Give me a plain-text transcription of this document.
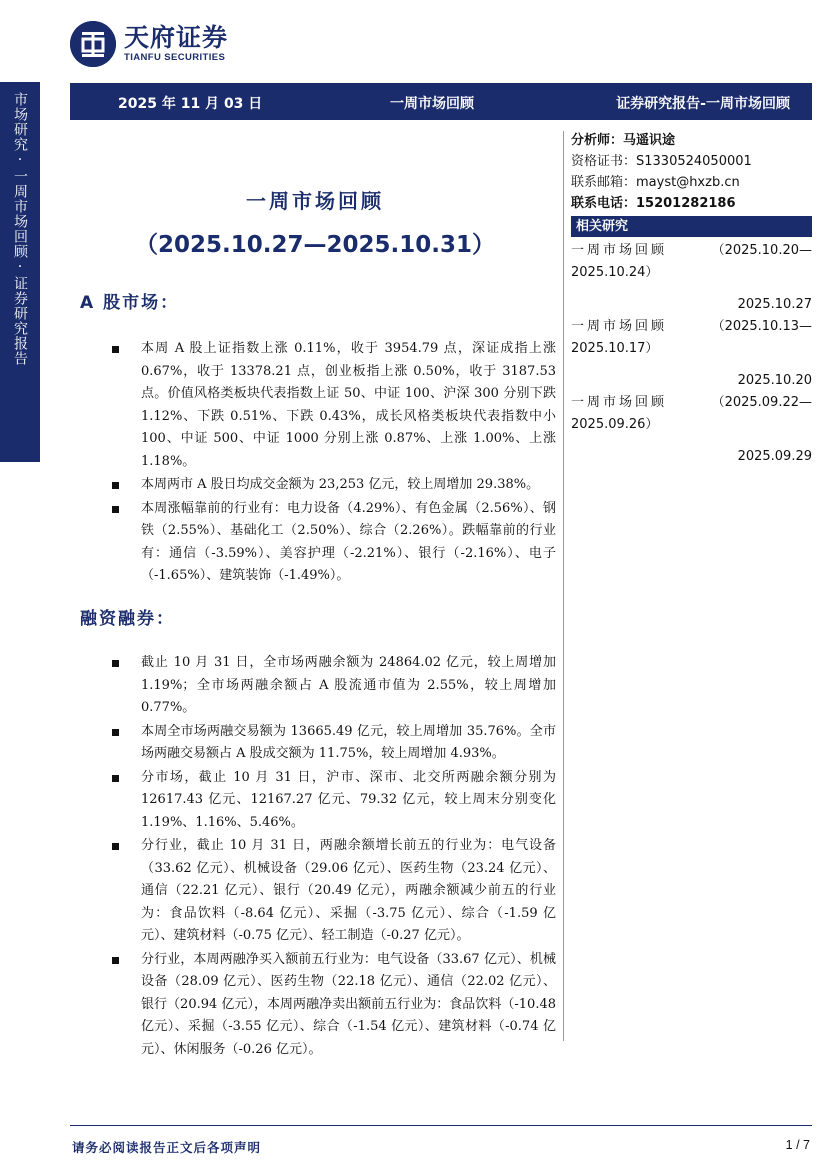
市场研究·一周市场回顾·证券研究报告
天府证券
TIANFU SECURITIES
2025 年 11 月 03 日	一周市场回顾	证券研究报告-一周市场回顾
一周市场回顾
（2025.10.27—2025.10.31）
分析师：马遥识途
资格证书：S1330524050001
联系邮箱：mayst@hxzb.cn
联系电话：15201282186
相关研究
一周市场回顾	（2025.10.20—
2025.10.24）
2025.10.27
一周市场回顾	（2025.10.13—
2025.10.17）
2025.10.20
一周市场回顾	（2025.09.22—
2025.09.26）
2025.09.29
A 股市场：
本周 A 股上证指数上涨 0.11%，收于 3954.79 点，深证成指上涨 0.67%，收于 13378.21 点，创业板指上涨 0.50%，收于 3187.53 点。价值风格类板块代表指数上证 50、中证 100、沪深 300 分别下跌 1.12%、下跌 0.51%、下跌 0.43%，成长风格类板块代表指数中小 100、中证 500、中证 1000 分别上涨 0.87%、上涨 1.00%、上涨 1.18%。
本周两市 A 股日均成交金额为 23,253 亿元，较上周增加 29.38%。
本周涨幅靠前的行业有：电力设备（4.29%）、有色金属（2.56%）、钢铁（2.55%）、基础化工（2.50%）、综合（2.26%）。跌幅靠前的行业有：通信（-3.59%）、美容护理（-2.21%）、银行（-2.16%）、电子（-1.65%）、建筑装饰（-1.49%）。
融资融券：
截止 10 月 31 日，全市场两融余额为 24864.02 亿元，较上周增加 1.19%；全市场两融余额占 A 股流通市值为 2.55%，较上周增加 0.77%。
本周全市场两融交易额为 13665.49 亿元，较上周增加 35.76%。全市场两融交易额占 A 股成交额为 11.75%，较上周增加 4.93%。
分市场，截止 10 月 31 日，沪市、深市、北交所两融余额分别为 12617.43 亿元、12167.27 亿元、79.32 亿元，较上周末分别变化 1.19%、1.16%、5.46%。
分行业，截止 10 月 31 日，两融余额增长前五的行业为：电气设备（33.62 亿元）、机械设备（29.06 亿元）、医药生物（23.24 亿元）、通信（22.21 亿元）、银行（20.49 亿元），两融余额减少前五的行业为：食品饮料（-8.64 亿元）、采掘（-3.75 亿元）、综合（-1.59 亿元）、建筑材料（-0.75 亿元）、轻工制造（-0.27 亿元）。
分行业，本周两融净买入额前五行业为：电气设备（33.67 亿元）、机械设备（28.09 亿元）、医药生物（22.18 亿元）、通信（22.02 亿元）、银行（20.94 亿元），本周两融净卖出额前五行业为：食品饮料（-10.48 亿元）、采掘（-3.55 亿元）、综合（-1.54 亿元）、建筑材料（-0.74 亿元）、休闲服务（-0.26 亿元）。
请务必阅读报告正文后各项声明	1 / 7
